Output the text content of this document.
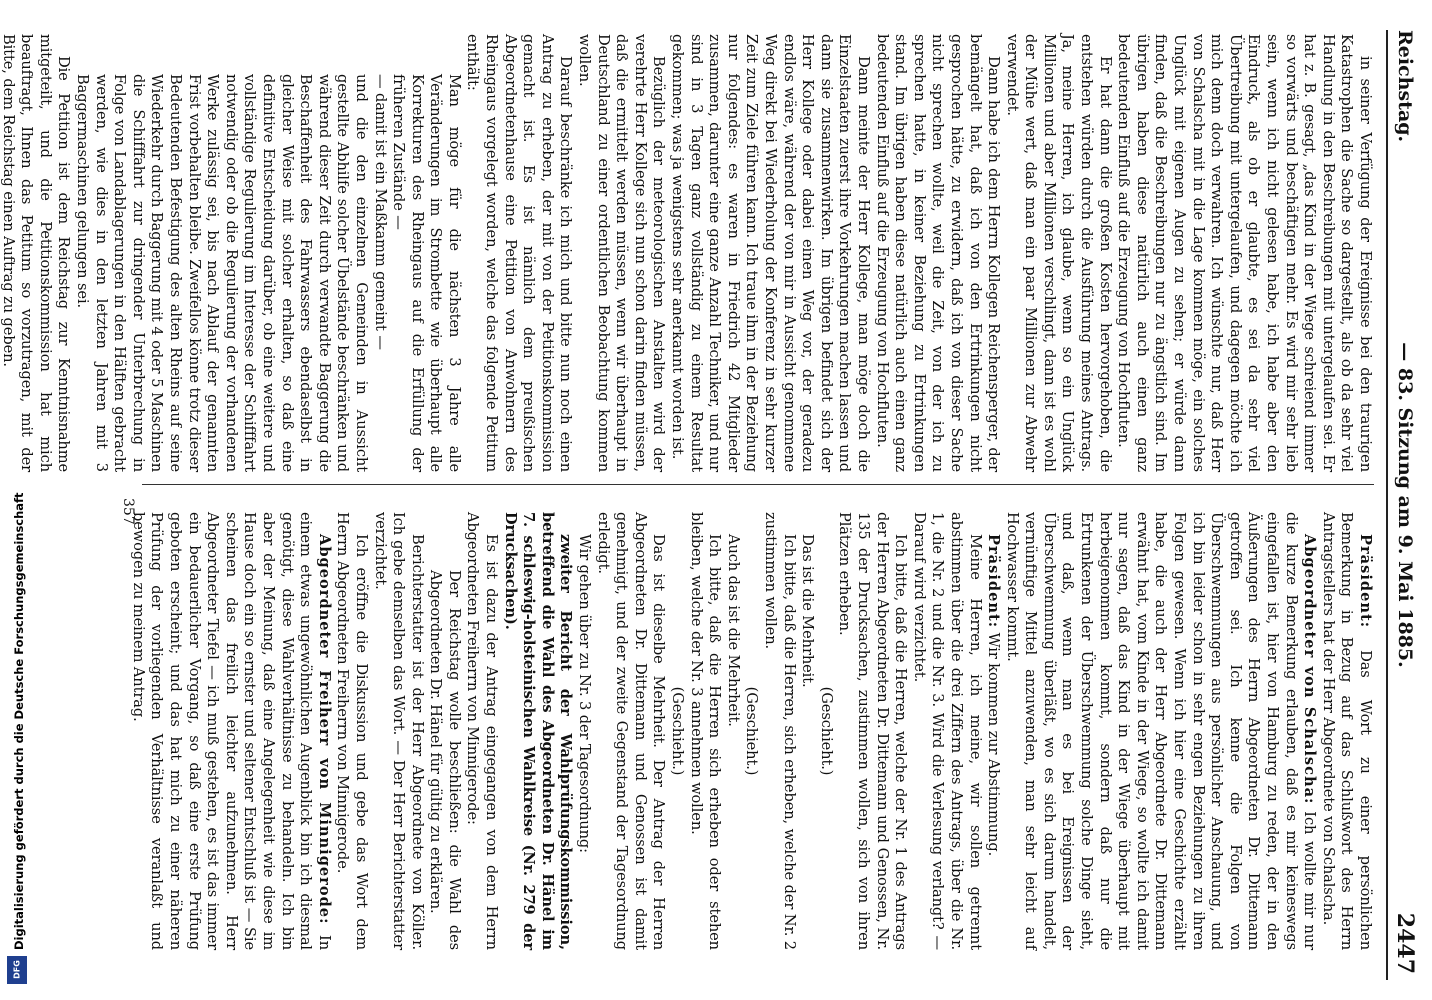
Reichstag.
— 83. Sitzung am 9. Mai 1885.
2447

in seiner Verfügung der Ereignisse bei den traurigen Katastrophen die Sache so dargestellt, als ob da sehr viel Handlung in den Beschreibungen mit untergelaufen sei. Er hat z. B. gesagt, „das Kind in der Wiege schreiend immer so vorwärts und beschäftigen mehr. Es wird mir sehr lieb sein, wenn ich nicht gelesen habe, ich habe aber den Eindruck, als ob er glaubte, es sei da sehr viel Übertreibung mit untergelaufen, und dagegen möchte ich mich denn doch verwahren. Ich wünschte nur, daß Herr von Schalscha mit in die Lage kommen möge, ein solches Unglück mit eigenen Augen zu sehen; er würde dann finden, daß die Beschreibungen nur zu ängstlich sind. Im übrigen haben diese natürlich auch einen ganz bedeutenden Einfluß auf die Erzeugung von Hochfluten.

Er hat dann die großen Kosten hervorgehoben, die entstehen würden durch die Ausführung meines Antrags. Ja, meine Herren, ich glaube, wenn so ein Unglück Millionen und aber Millionen verschlingt, dann ist es wohl der Mühe wert, daß man ein paar Millionen zur Abwehr verwendet.

Dann habe ich dem Herrn Kollegen Reichensperger, der bemängelt hat, daß ich von den Ertrinkungen nicht gesprochen hätte, zu erwidern, daß ich von dieser Sache nicht sprechen wollte, weil die Zeit, von der ich zu sprechen hatte, in keiner Beziehung zu Ertrinkungen stand. Im übrigen haben diese natürlich auch einen ganz bedeutenden Einfluß auf die Erzeugung von Hochfluten.

Dann meinte der Herr Kollege, man möge doch die Einzelstaaten zuerst ihre Vorkehrungen machen lassen und dann sie zusammenwirken. Im übrigen befindet sich der Herr Kollege oder dabei einen Weg vor, der geradezu endlos wäre, während der von mir in Aussicht genommene Weg direkt bei Wiederholung der Konferenz in sehr kurzer Zeit zum Ziele führen kann. Ich traue ihm in der Beziehung nur folgendes: es waren in Friedrich 42 Mitglieder zusammen, darunter eine ganze Anzahl Techniker, und nur sind in 3 Tagen ganz vollständig zu einem Resultat gekommen; was ja wenigstens sehr anerkannt worden ist.

Bezüglich der meteorologischen Anstalten wird der verehrte Herr Kollege sich nun schon darin finden müssen, daß die ermittelt werden müssen, wenn wir überhaupt in Deutschland zu einer ordentlichen Beobachtung kommen wollen.

Darauf beschränke ich mich und bitte nun noch einen Antrag zu erheben, der mit von der Petitionskommission gemacht ist. Es ist nämlich dem preußischen Abgeordnetenhause eine Petition von Anwohnern des Rheingaus vorgelegt worden, welche das folgende Petitum enthält:

Man möge für die nächsten 3 Jahre alle Veränderungen im Strombette wie überhaupt alle Korrekturen des Rheingaus auf die Erfüllung der früheren Zustände —

— damit ist ein Maßkamm gemeint —

und die den einzelnen Gemeinden in Aussicht gestellte Abhilfe solcher Übelstände beschränken und während dieser Zeit durch verwandte Baggerung die Beschaffenheit des Fahrwassers ebendaselbst in gleicher Weise mit solcher erhalten, so daß eine definitive Entscheidung darüber, ob eine weitere und vollständige Regulierung im Interesse der Schifffahrt notwendig oder ob die Regulierung der vorhandenen Werke zulässig sei, bis nach Ablauf der genannten Frist vorbehalten bleibe. Zweifellos könne trotz dieser Bedeutenden Befestigung des alten Rheins auf seine Wiederkehr durch Baggerung mit 4 oder 5 Maschinen die Schifffahrt zur dringender Unterbrechung in Folge von Landablagerungen in den Hälften gebracht werden, wie dies in den letzten Jahren mit 3 Baggermaschinen gelungen sei.

Die Petition ist dem Reichstag zur Kenntnisnahme mitgeteilt, und die Petitionskommission hat mich beauftragt, Ihnen das Petitum so vorzutragen, mit der Bitte, dem Reichstag einen Auftrag zu geben.

Präsident: Das Wort zu einer persönlichen Bemerkung in Bezug auf das Schlußwort des Herrn Antragstellers hat der Herr Abgeordnete von Schalscha.

Abgeordneter von Schalscha: Ich wollte mir nur die kurze Bemerkung erlauben, daß es mir keineswegs eingefallen ist, hier von Hamburg zu reden, der in den Äußerungen des Herrn Abgeordneten Dr. Dittemann getroffen sei. Ich kenne die Folgen von Überschwemmungen aus persönlicher Anschauung, und ich bin leider schon in sehr engen Beziehungen zu ihren Folgen gewesen. Wenn ich hier eine Geschichte erzählt habe, die auch der Herr Abgeordnete Dr. Dittemann erwähnt hat, vom Kinde in der Wiege, so wollte ich damit nur sagen, daß das Kind in der Wiege überhaupt mit herbeigenommen kommt, sondern daß nur die Ertrunkenen der Überschwemmung solche Dinge sieht, und daß, wenn man es bei Ereignissen der Überschwemmung überläßt, wo es sich darum handelt, vernünftige Mittel anzuwenden, man sehr leicht auf Hochwasser kommt.

Präsident: Wir kommen zur Abstimmung.

Meine Herren, ich meine, wir sollen getrennt abstimmen über die drei Ziffern des Antrags, über die Nr. 1, die Nr. 2 und die Nr. 3. Wird die Verlesung verlangt? — Darauf wird verzichtet.

Ich bitte, daß die Herren, welche der Nr. 1 des Antrags der Herren Abgeordneten Dr. Dittemann und Genossen, Nr. 135 der Drucksachen, zustimmen wollen, sich von ihren Plätzen erheben.

(Geschieht.)

Das ist die Mehrheit.

Ich bitte, daß die Herren, sich erheben, welche der Nr. 2 zustimmen wollen.

(Geschieht.)

Auch das ist die Mehrheit.

Ich bitte, daß die Herren sich erheben oder stehen bleiben, welche der Nr. 3 annehmen wollen.

(Geschieht.)

Das ist dieselbe Mehrheit. Der Antrag der Herren Abgeordneten Dr. Dittemann und Genossen ist damit genehmigt, und der zweite Gegenstand der Tagesordnung erledigt.

Wir gehen über zu Nr. 3 der Tagesordnung:

zweiter Bericht der Wahlprüfungskommission, betreffend die Wahl des Abgeordneten Dr. Hänel im 7. schleswig-holsteinischen Wahlkreise (Nr. 279 der Drucksachen).

Es ist dazu der Antrag eingegangen von dem Herrn Abgeordneten Freiherrn von Minnigerode:

Der Reichstag wolle beschließen: die Wahl des Abgeordneten Dr. Hänel für gültig zu erklären.

Berichterstatter ist der Herr Abgeordnete von Köller. Ich gebe demselben das Wort. — Der Herr Berichterstatter verzichtet.

Ich eröffne die Diskussion und gebe das Wort dem Herrn Abgeordneten Freiherrn von Minnigerode.

Abgeordneter Freiherr von Minnigerode: In einem etwas ungewöhnlichen Augenblick bin ich diesmal genötigt, diese Wahlverhältnisse zu behandeln. Ich bin aber der Meinung, daß eine Angelegenheit wie diese im Hause doch ein so ernster und seltener Entschluß ist — Sie scheinen das freilich leichter aufzunehmen. Herr Abgeordneter Tiefel — ich muß gestehen, es ist das immer ein bedauerlicher Vorgang, so daß eine erste Prüfung geboten erscheint; und das hat mich zu einer näheren Prüfung der vorliegenden Verhältnisse veranlaßt und bewogen zu meinem Antrag.

357
Digitalisierung gefördert durch die Deutsche Forschungsgemeinschaft
DFG
